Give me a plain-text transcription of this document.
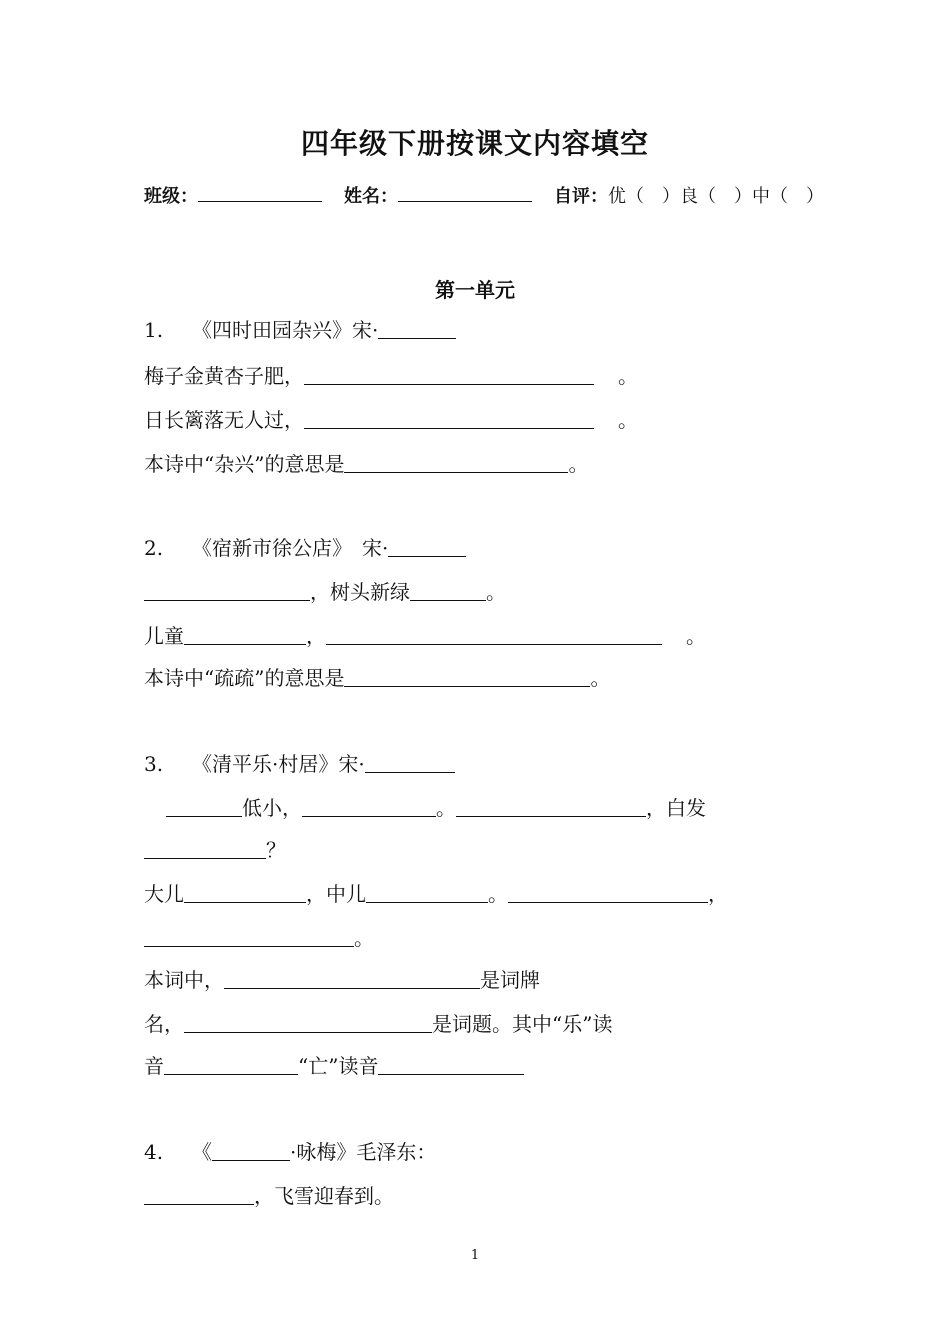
四年级下册按课文内容填空
班级：	姓名：	自评：优（　）良（　）中（　）
第一单元
1. 《四时田园杂兴》宋·
梅子金黄杏子肥，	。
日长篱落无人过，	。
本诗中“杂兴”的意思是	。
2. 《宿新市徐公店》　宋·
，树头新绿	。
儿童	，	。
本诗中“疏疏”的意思是	。
3. 《清平乐·村居》宋·
低小，	。	，白发
？
大儿	，中儿	。	，
。
本词中，	是词牌
名，	是词题。其中“乐”读
音	“亡”读音
4. 《	·咏梅》毛泽东：
，飞雪迎春到。
1
